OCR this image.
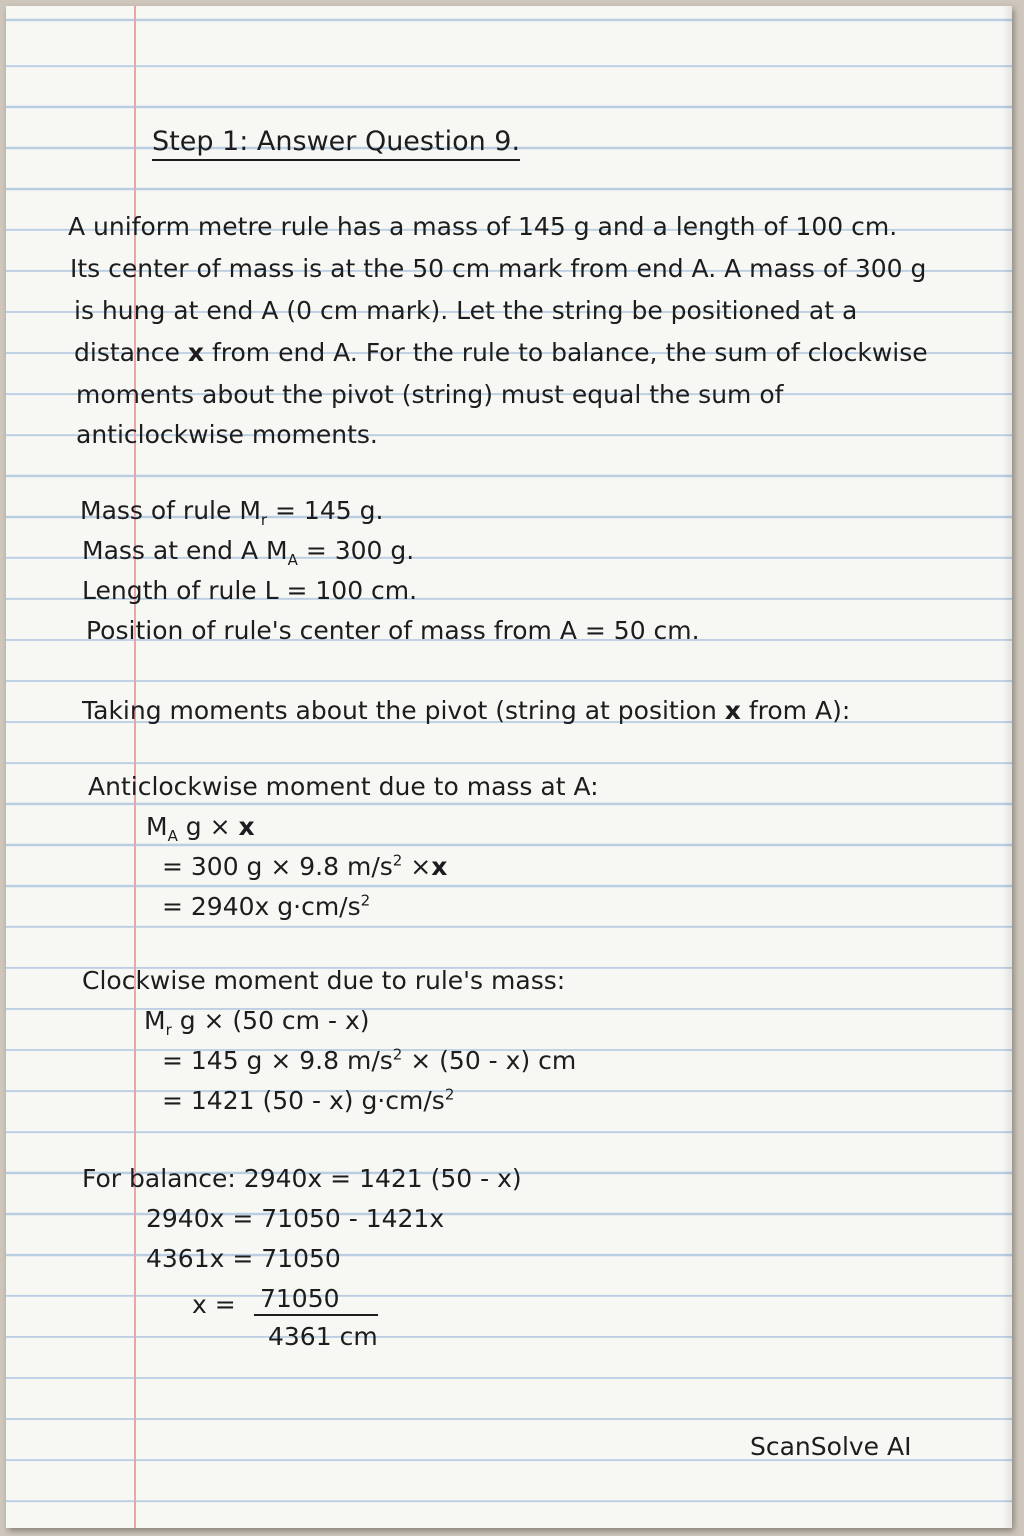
Step 1: Answer Question 9.
A uniform metre rule has a mass of 145 g and a length of 100 cm.
Its center of mass is at the 50 cm mark from end A. A mass of 300 g
is hung at end A (0 cm mark). Let the string be positioned at a
distance x from end A. For the rule to balance, the sum of clockwise
moments about the pivot (string) must equal the sum of
anticlockwise moments.
Mass of rule $M_r = 145$ g.
Mass at end A $M_A = 300$ g.
Length of rule L = 100 cm.
Position of rule's center of mass from A = 50 cm.
Taking moments about the pivot (string at position x from A):
Anticlockwise moment due to mass at A:
$M_A$ g × x
= 300 g × 9.8 $m/s^2 \times x$
= 2940x $g\cdot cm/s^2$
Clockwise moment due to rule's mass:
$M_r$ g × (50 cm - x)
= 145 g × 9.8 $m/s^2 \times (50 - x)$ cm
= 1421 (50 - x) $g\cdot cm/s^2$
For balance: 2940x = 1421 (50 - x)
2940x = 71050 - 1421x
4361x = 71050
$x = \frac{71050}{4361 cm}$
ScanSolve AI
